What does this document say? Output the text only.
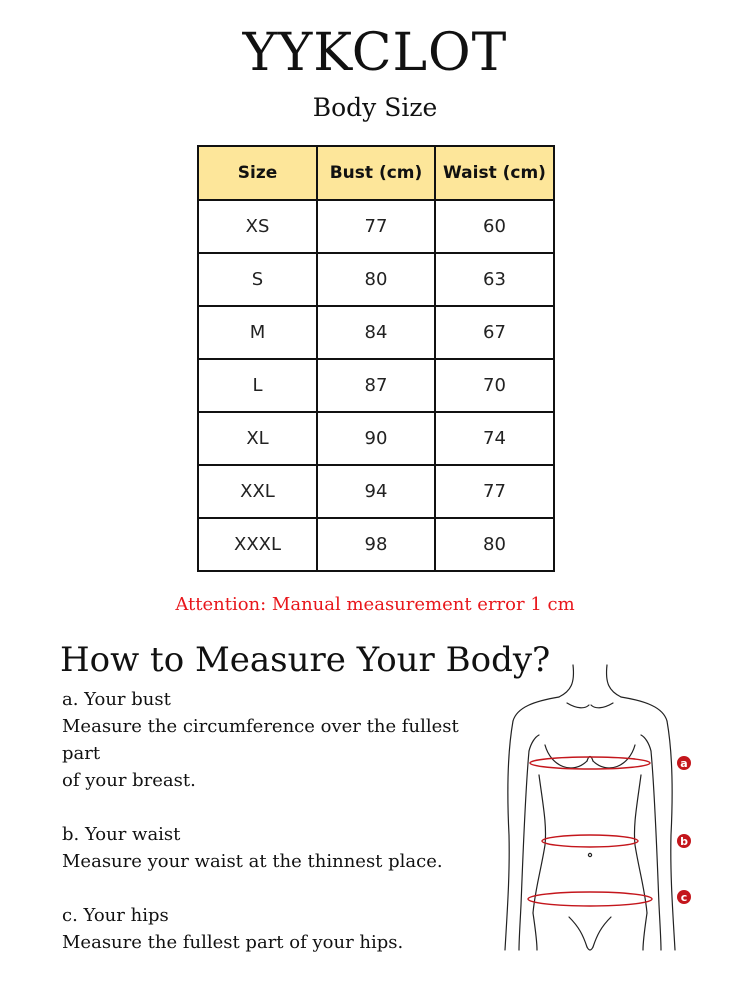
YYKCLOT
Body Size
Size	Bust (cm)	Waist (cm)
XS	77	60
S	80	63
M	84	67
L	87	70
XL	90	74
XXL	94	77
XXXL	98	80
Attention: Manual measurement error 1 cm
How to Measure Your Body?
a. Your bust
Measure the circumference over the fullest part
of your breast.
b. Your waist
Measure your waist at the thinnest place.
c. Your hips
Measure the fullest part of your hips.
a
b
c
